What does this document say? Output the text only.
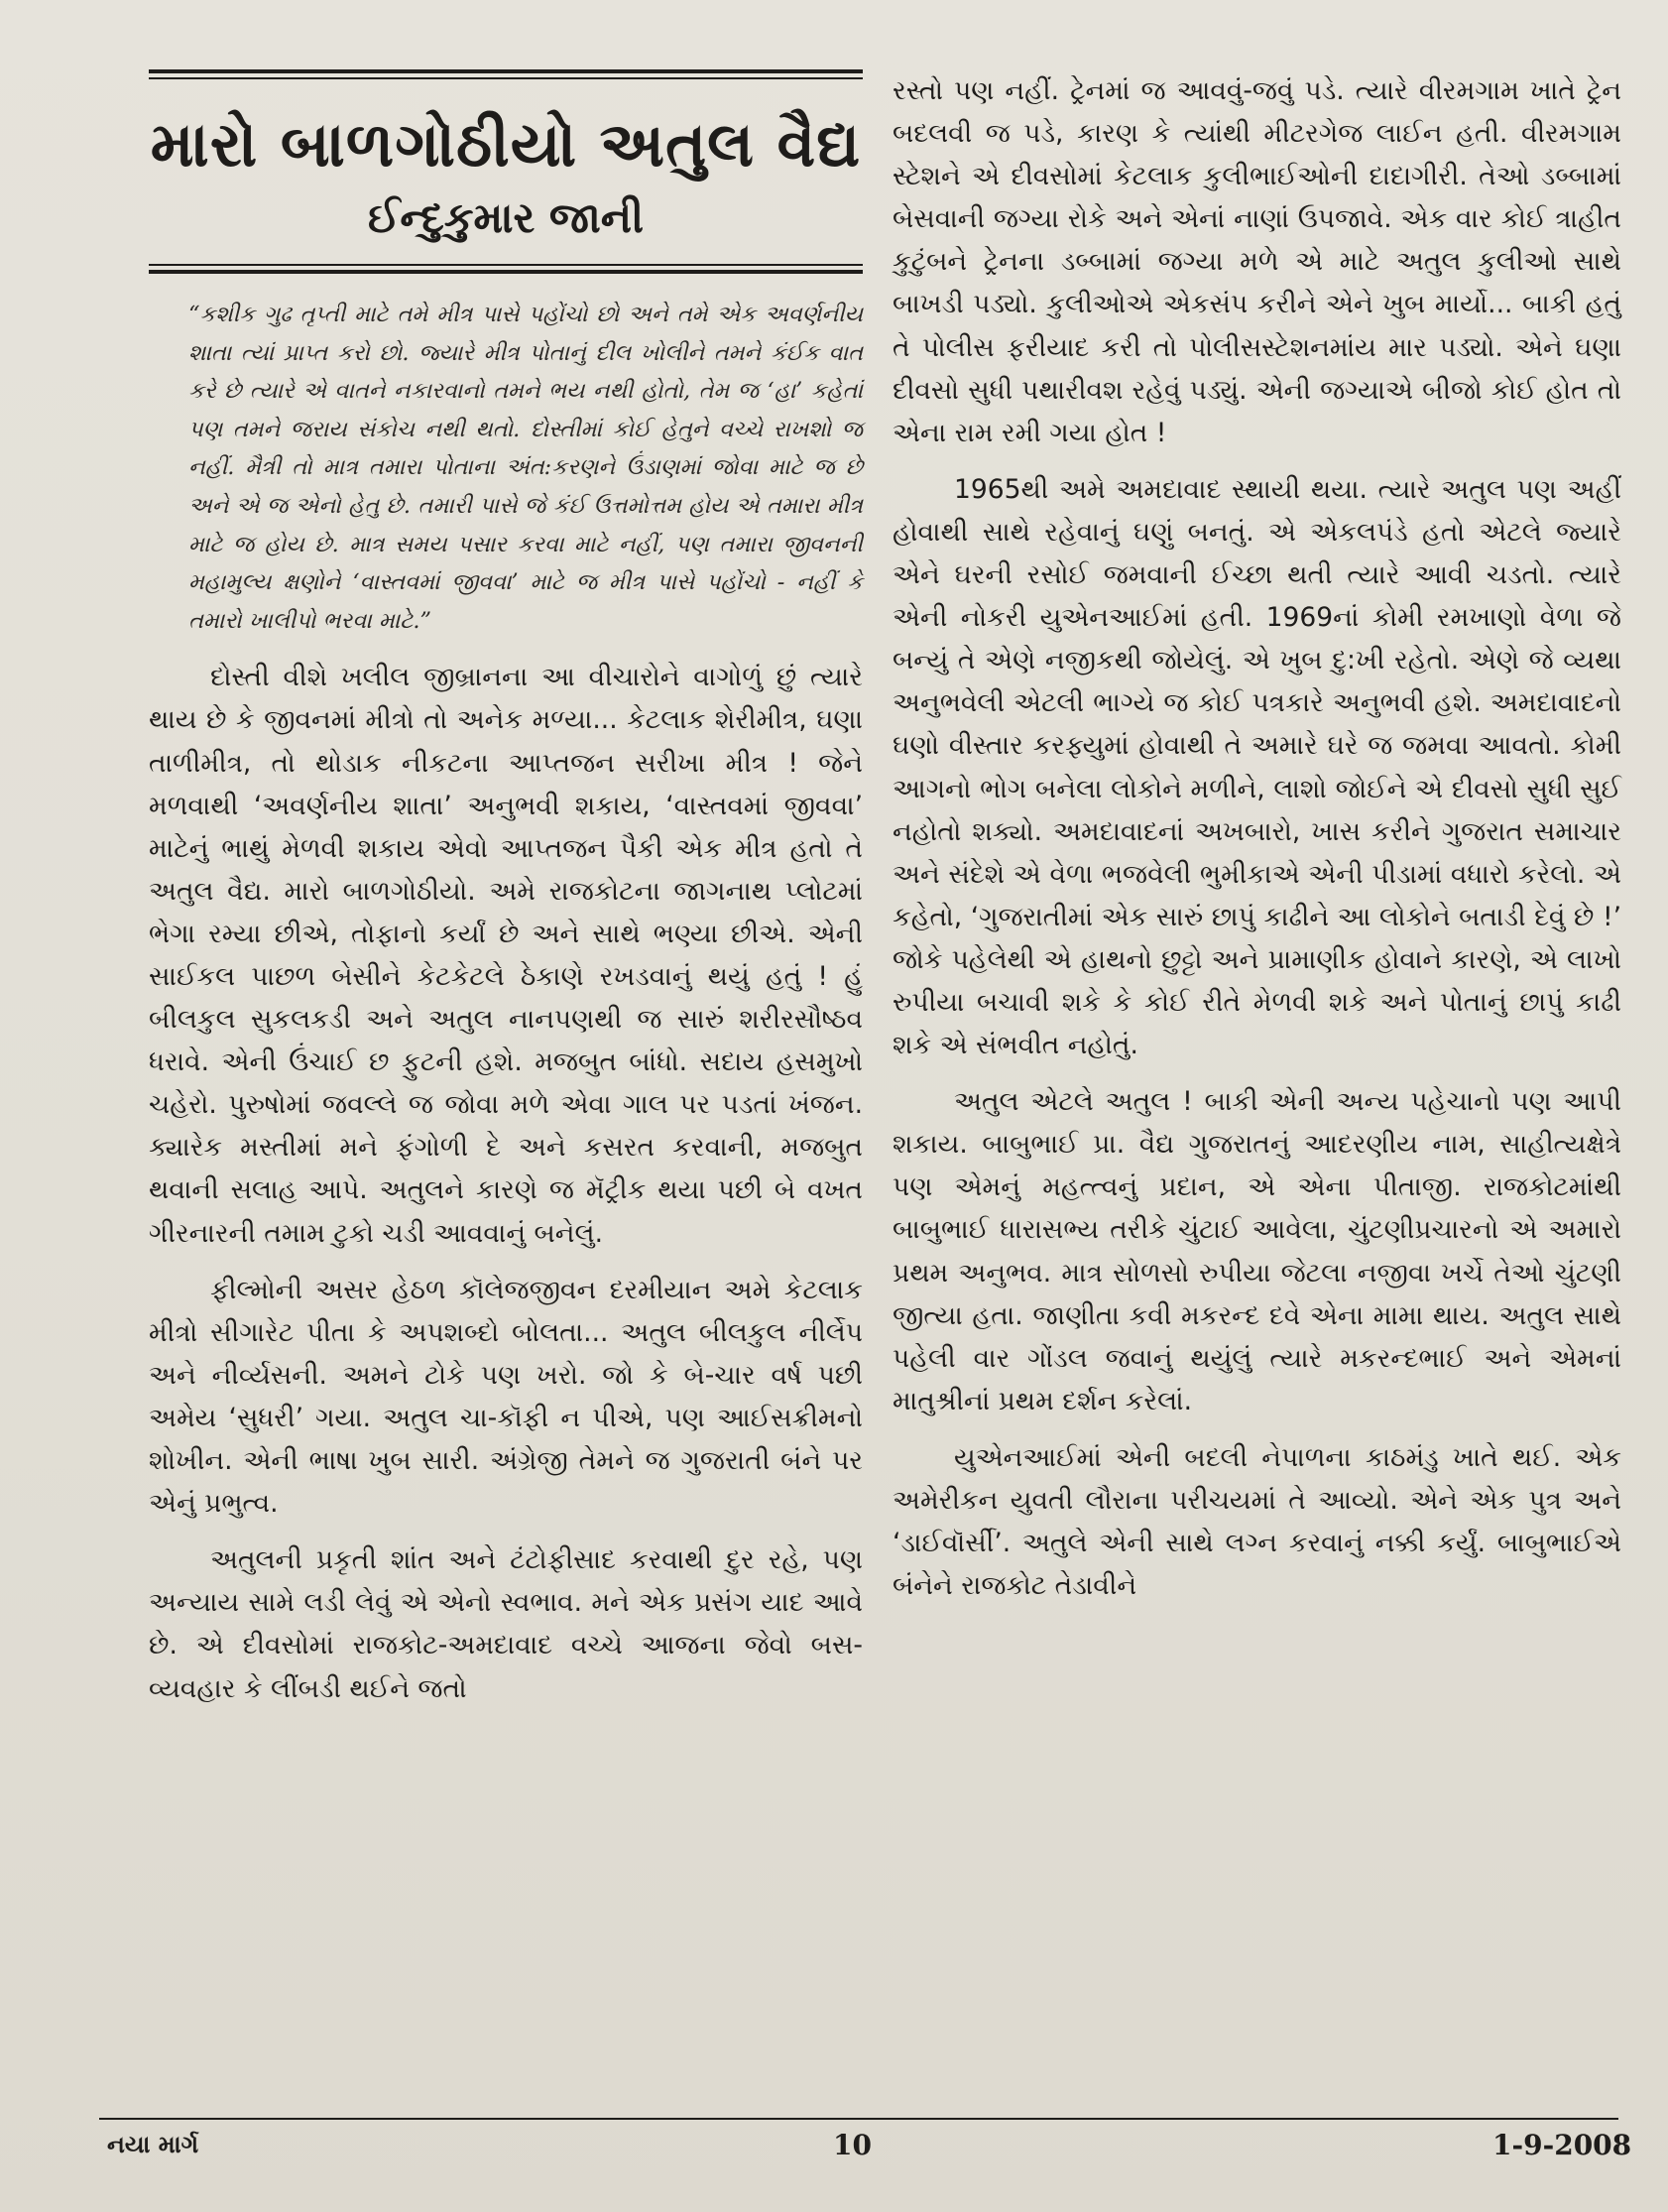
મારો બાળગોઠીયો અતુલ વૈદ્ય
ઈન્દુકુમાર જાની

“કશીક ગુઢ તૃપ્તી માટે તમે મીત્ર પાસે પહોંચો છો અને તમે એક અવર્ણનીય શાતા ત્યાં પ્રાપ્ત કરો છો. જ્યારે મીત્ર પોતાનું દીલ ખોલીને તમને કંઈક વાત કરે છે ત્યારે એ વાતને નકારવાનો તમને ભય નથી હોતો, તેમ જ ‘હા’ કહેતાં પણ તમને જરાય સંકોચ નથી થતો. દોસ્તીમાં કોઈ હેતુને વચ્ચે રાખશો જ નહીં. મૈત્રી તો માત્ર તમારા પોતાના અંત:કરણને ઉંડાણમાં જોવા માટે જ છે અને એ જ એનો હેતુ છે. તમારી પાસે જે કંઈ ઉત્તમોત્તમ હોય એ તમારા મીત્ર માટે જ હોય છે. માત્ર સમય પસાર કરવા માટે નહીં, પણ તમારા જીવનની મહામુલ્ય ક્ષણોને ‘વાસ્તવમાં જીવવા’ માટે જ મીત્ર પાસે પહોંચો - નહીં કે તમારો ખાલીપો ભરવા માટે.”

દોસ્તી વીશે ખલીલ જીબ્રાનના આ વીચારોને વાગોળું છું ત્યારે થાય છે કે જીવનમાં મીત્રો તો અનેક મળ્યા... કેટલાક શેરીમીત્ર, ઘણા તાળીમીત્ર, તો થોડાક નીકટના આપ્તજન સરીખા મીત્ર ! જેને મળવાથી ‘અવર્ણનીય શાતા’ અનુભવી શકાય, ‘વાસ્તવમાં જીવવા’ માટેનું ભાથું મેળવી શકાય એવો આપ્તજન પૈકી એક મીત્ર હતો તે અતુલ વૈદ્ય. મારો બાળગોઠીયો. અમે રાજકોટના જાગનાથ પ્લોટમાં ભેગા રમ્યા છીએ, તોફાનો કર્યાં છે અને સાથે ભણ્યા છીએ. એની સાઈકલ પાછળ બેસીને કેટકેટલે ઠેકાણે રખડવાનું થયું હતું ! હું બીલકુલ સુકલકડી અને અતુલ નાનપણથી જ સારું શરીરસૌષ્ઠવ ધરાવે. એની ઉંચાઈ છ ફુટની હશે. મજબુત બાંધો. સદાય હસમુખો ચહેરો. પુરુષોમાં જવલ્લે જ જોવા મળે એવા ગાલ પર પડતાં ખંજન. ક્યારેક મસ્તીમાં મને ફંગોળી દે અને કસરત કરવાની, મજબુત થવાની સલાહ આપે. અતુલને કારણે જ મૅટ્રીક થયા પછી બે વખત ગીરનારની તમામ ટુકો ચડી આવવાનું બનેલું.

ફીલ્મોની અસર હેઠળ કૉલેજજીવન દરમીયાન અમે કેટલાક મીત્રો સીગારેટ પીતા કે અપશબ્દો બોલતા... અતુલ બીલકુલ નીર્લેપ અને નીર્વ્યસની. અમને ટોકે પણ ખરો. જો કે બે-ચાર વર્ષ પછી અમેય ‘સુધરી’ ગયા. અતુલ ચા-કૉફી ન પીએ, પણ આઈસક્રીમનો શોખીન. એની ભાષા ખુબ સારી. અંગ્રેજી તેમને જ ગુજરાતી બંને પર એનું પ્રભુત્વ.

અતુલની પ્રકૃતી શાંત અને ટંટોફીસાદ કરવાથી દુર રહે, પણ અન્યાય સામે લડી લેવું એ એનો સ્વભાવ. મને એક પ્રસંગ યાદ આવે છે. એ દીવસોમાં રાજકોટ-અમદાવાદ વચ્ચે આજના જેવો બસ-વ્યવહાર કે લીંબડી થઈને જતો

રસ્તો પણ નહીં. ટ્રેનમાં જ આવવું-જવું પડે. ત્યારે વીરમગામ ખાતે ટ્રેન બદલવી જ પડે, કારણ કે ત્યાંથી મીટરગેજ લાઈન હતી. વીરમગામ સ્ટેશને એ દીવસોમાં કેટલાક કુલીભાઈઓની દાદાગીરી. તેઓ ડબ્બામાં બેસવાની જગ્યા રોકે અને એનાં નાણાં ઉપજાવે. એક વાર કોઈ ત્રાહીત કુટુંબને ટ્રેનના ડબ્બામાં જગ્યા મળે એ માટે અતુલ કુલીઓ સાથે બાખડી પડ્યો. કુલીઓએ એકસંપ કરીને એને ખુબ માર્યો... બાકી હતું તે પોલીસ ફરીયાદ કરી તો પોલીસસ્ટેશનમાંય માર પડ્યો. એને ઘણા દીવસો સુધી પથારીવશ રહેવું પડ્યું. એની જગ્યાએ બીજો કોઈ હોત તો એના રામ રમી ગયા હોત !

1965થી અમે અમદાવાદ સ્થાયી થયા. ત્યારે અતુલ પણ અહીં હોવાથી સાથે રહેવાનું ઘણું બનતું. એ એકલપંડે હતો એટલે જ્યારે એને ઘરની રસોઈ જમવાની ઈચ્છા થતી ત્યારે આવી ચડતો. ત્યારે એની નોકરી યુએનઆઈમાં હતી. 1969નાં કોમી રમખાણો વેળા જે બન્યું તે એણે નજીકથી જોયેલું. એ ખુબ દુ:ખી રહેતો. એણે જે વ્યથા અનુભવેલી એટલી ભાગ્યે જ કોઈ પત્રકારે અનુભવી હશે. અમદાવાદનો ઘણો વીસ્તાર કરફ્યુમાં હોવાથી તે અમારે ઘરે જ જમવા આવતો. કોમી આગનો ભોગ બનેલા લોકોને મળીને, લાશો જોઈને એ દીવસો સુધી સુઈ નહોતો શક્યો. અમદાવાદનાં અખબારો, ખાસ કરીને ગુજરાત સમાચાર અને સંદેશે એ વેળા ભજવેલી ભુમીકાએ એની પીડામાં વધારો કરેલો. એ કહેતો, ‘ગુજરાતીમાં એક સારું છાપું કાઢીને આ લોકોને બતાડી દેવું છે !’ જોકે પહેલેથી એ હાથનો છુટ્ટો અને પ્રામાણીક હોવાને કારણે, એ લાખો રુપીયા બચાવી શકે કે કોઈ રીતે મેળવી શકે અને પોતાનું છાપું કાઢી શકે એ સંભવીત નહોતું.

અતુલ એટલે અતુલ ! બાકી એની અન્ય પહેચાનો પણ આપી શકાય. બાબુભાઈ પ્રા. વૈદ્ય ગુજરાતનું આદરણીય નામ, સાહીત્યક્ષેત્રે પણ એમનું મહત્ત્વનું પ્રદાન, એ એના પીતાજી. રાજકોટમાંથી બાબુભાઈ ધારાસભ્ય તરીકે ચુંટાઈ આવેલા, ચુંટણીપ્રચારનો એ અમારો પ્રથમ અનુભવ. માત્ર સોળસો રુપીયા જેટલા નજીવા ખર્ચે તેઓ ચુંટણી જીત્યા હતા. જાણીતા કવી મકરન્દ દવે એના મામા થાય. અતુલ સાથે પહેલી વાર ગોંડલ જવાનું થયુંલું ત્યારે મકરન્દભાઈ અને એમનાં માતુશ્રીનાં પ્રથમ દર્શન કરેલાં.

યુએનઆઈમાં એની બદલી નેપાળના કાઠમંડુ ખાતે થઈ. એક અમેરીકન યુવતી લૌરાના પરીચયમાં તે આવ્યો. એને એક પુત્ર અને ‘ડાઈવૉર્સી’. અતુલે એની સાથે લગ્ન કરવાનું નક્કી કર્યું. બાબુભાઈએ બંનેને રાજકોટ તેડાવીને

નયા માર્ગ	10	1-9-2008
